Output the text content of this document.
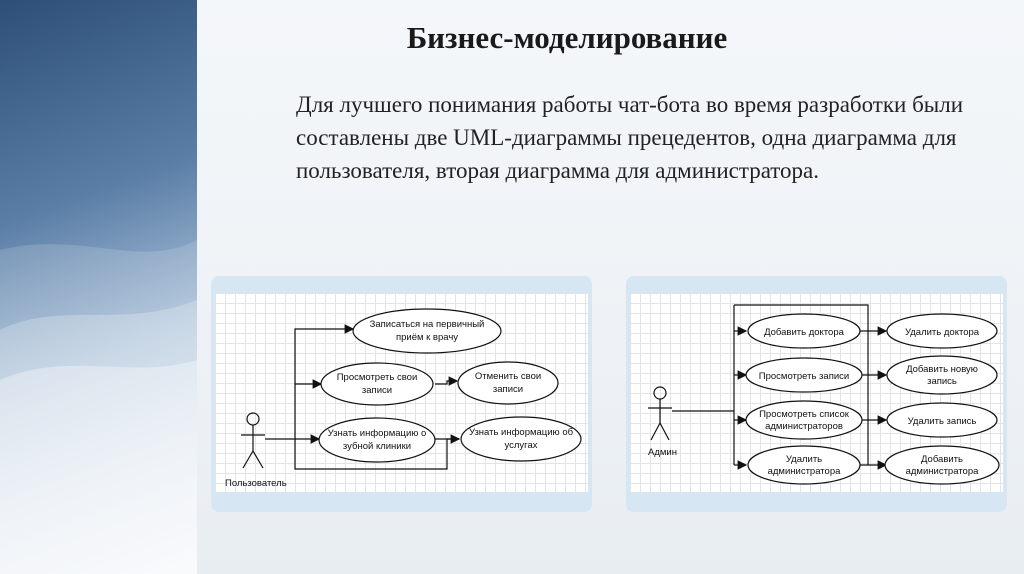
Бизнес-моделирование

Для лучшего понимания работы чат-бота во время разработки были составлены две UML-диаграммы прецедентов, одна диаграмма для пользователя, вторая диаграмма для администратора.

Пользователь
Записаться на первичный
приём к врачу
Просмотреть свои
записи
Отменить свои
записи
Узнать информацию о
зубной клиники
Узнать информацию об
услугах
Админ
Добавить доктора
Просмотреть записи
Просмотреть список
администраторов
Удалить
администратора
Удалить доктора
Добавить новую
запись
Удалить запись
Добавить
администратора
